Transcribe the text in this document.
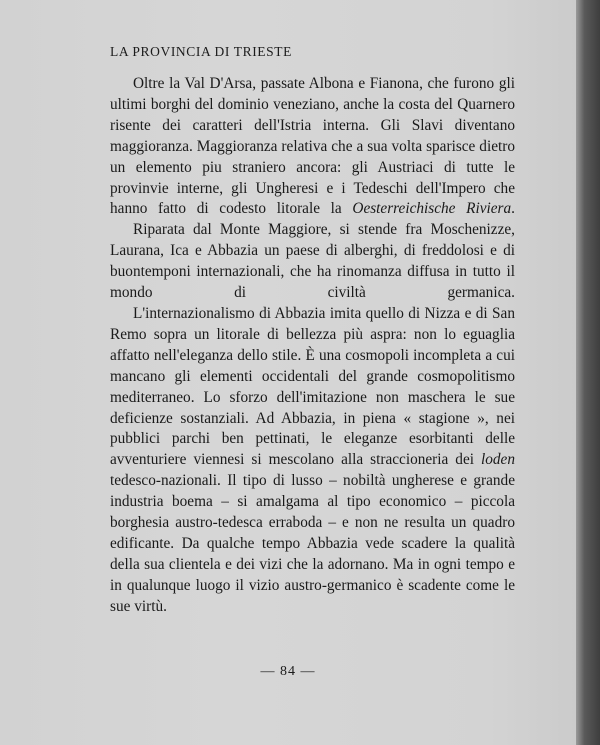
LA PROVINCIA DI TRIESTE

Oltre la Val D'Arsa, passate Albona e Fianona, che furono gli ultimi borghi del dominio veneziano, anche la costa del Quarnero risente dei caratteri dell'Istria interna. Gli Slavi diventano maggioranza. Maggioranza relativa che a sua volta sparisce dietro un elemento piu straniero ancora: gli Austriaci di tutte le provinvie interne, gli Ungheresi e i Tedeschi dell'Impero che hanno fatto di codesto litorale la Oesterreichische Riviera.

Riparata dal Monte Maggiore, si stende fra Moschenizze, Laurana, Ica e Abbazia un paese di alberghi, di freddolosi e di buontemponi internazionali, che ha rinomanza diffusa in tutto il mondo di civiltà germanica.

L'internazionalismo di Abbazia imita quello di Nizza e di San Remo sopra un litorale di bellezza più aspra: non lo eguaglia affatto nell'eleganza dello stile. È una cosmopoli incompleta a cui mancano gli elementi occidentali del grande cosmopolitismo mediterraneo. Lo sforzo dell'imitazione non maschera le sue deficienze sostanziali. Ad Abbazia, in piena « stagione », nei pubblici parchi ben pettinati, le eleganze esorbitanti delle avventuriere viennesi si mescolano alla straccioneria dei loden tedesco-nazionali. Il tipo di lusso – nobiltà ungherese e grande industria boema – si amalgama al tipo economico – piccola borghesia austro-tedesca erraboda – e non ne resulta un quadro edificante. Da qualche tempo Abbazia vede scadere la qualità della sua clientela e dei vizi che la adornano. Ma in ogni tempo e in qualunque luogo il vizio austro-germanico è scadente come le sue virtù.

— 84 —
